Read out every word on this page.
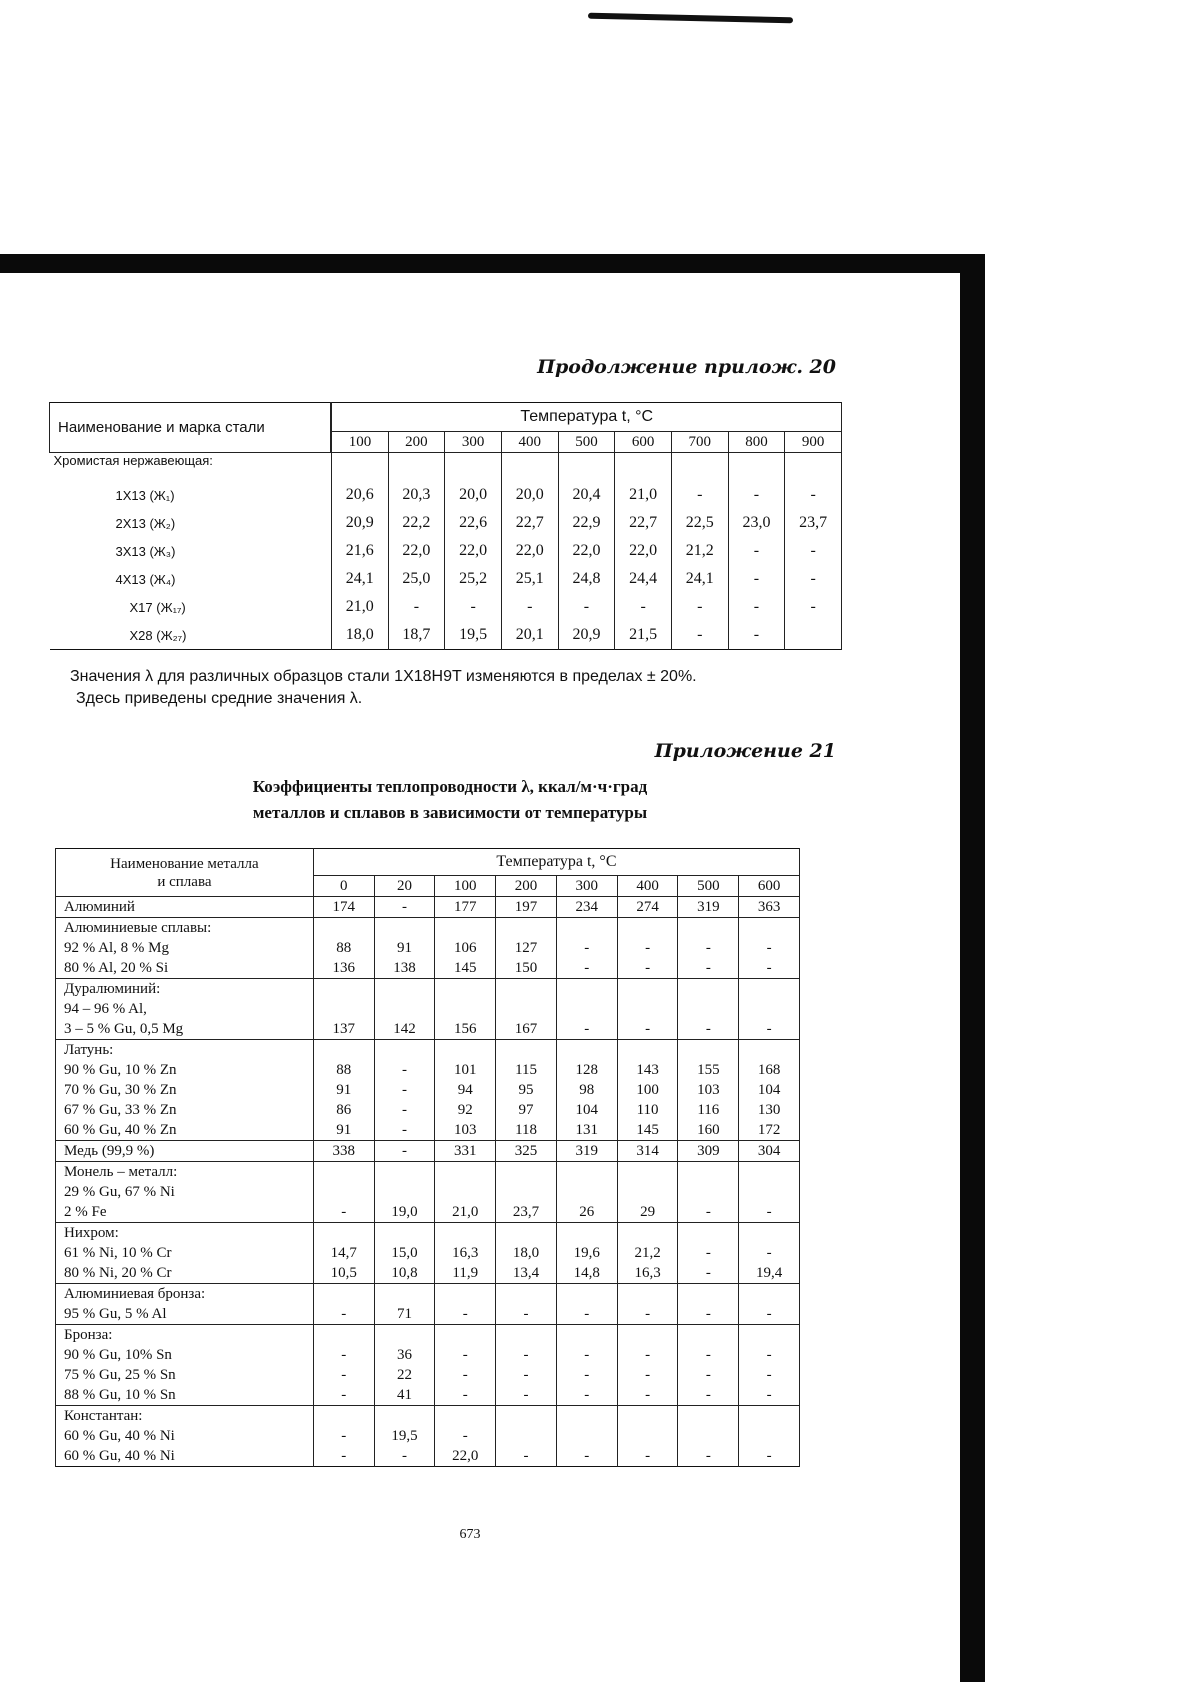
Продолжение прилож. 20
Наименование и марка стали	Температура t, °C								
	100	200	300	400	500	600	700	800	900
Хромистая нержавеющая:									
1X13 (Ж₁)	20,6	20,3	20,0	20,0	20,4	21,0	-	-	-
2X13 (Ж₂)	20,9	22,2	22,6	22,7	22,9	22,7	22,5	23,0	23,7
3X13 (Ж₃)	21,6	22,0	22,0	22,0	22,0	22,0	21,2	-	-
4X13 (Ж₄)	24,1	25,0	25,2	25,1	24,8	24,4	24,1	-	-
X17 (Ж₁₇)	21,0	-	-	-	-	-	-	-	-
X28 (Ж₂₇)	18,0	18,7	19,5	20,1	20,9	21,5	-	-	
Значения λ для различных образцов стали 1X18H9T изменяются в пределах ± 20%.
Здесь приведены средние значения λ.
Приложение 21
Коэффициенты теплопроводности λ, ккал/м·ч·град
металлов и сплавов в зависимости от температуры
Наименование металла
и сплава	Температура t, °C							
	0	20	100	200	300	400	500	600
Алюминий	174	-	177	197	234	274	319	363
Алюминиевые сплавы:								
92 % Al, 8 % Mg	88	91	106	127	-	-	-	-
80 % Al, 20 % Si	136	138	145	150	-	-	-	-
Дуралюминий:								
94 – 96 % Al,								
3 – 5 % Gu, 0,5 Mg	137	142	156	167	-	-	-	-
Латунь:								
90 % Gu, 10 % Zn	88	-	101	115	128	143	155	168
70 % Gu, 30 % Zn	91	-	94	95	98	100	103	104
67 % Gu, 33 % Zn	86	-	92	97	104	110	116	130
60 % Gu, 40 % Zn	91	-	103	118	131	145	160	172
Медь (99,9 %)	338	-	331	325	319	314	309	304
Монель – металл:								
29 % Gu, 67 % Ni								
2 % Fe	-	19,0	21,0	23,7	26	29	-	-
Нихром:								
61 % Ni, 10 % Cr	14,7	15,0	16,3	18,0	19,6	21,2	-	-
80 % Ni, 20 % Cr	10,5	10,8	11,9	13,4	14,8	16,3	-	19,4
Алюминиевая бронза:								
95 % Gu, 5 % Al	-	71	-	-	-	-	-	-
Бронза:								
90 % Gu, 10% Sn	-	36	-	-	-	-	-	-
75 % Gu, 25 % Sn	-	22	-	-	-	-	-	-
88 % Gu, 10 % Sn	-	41	-	-	-	-	-	-
Константан:								
60 % Gu, 40 % Ni	-	19,5	-					
60 % Gu, 40 % Ni	-	-	22,0	-	-	-	-	-
673
